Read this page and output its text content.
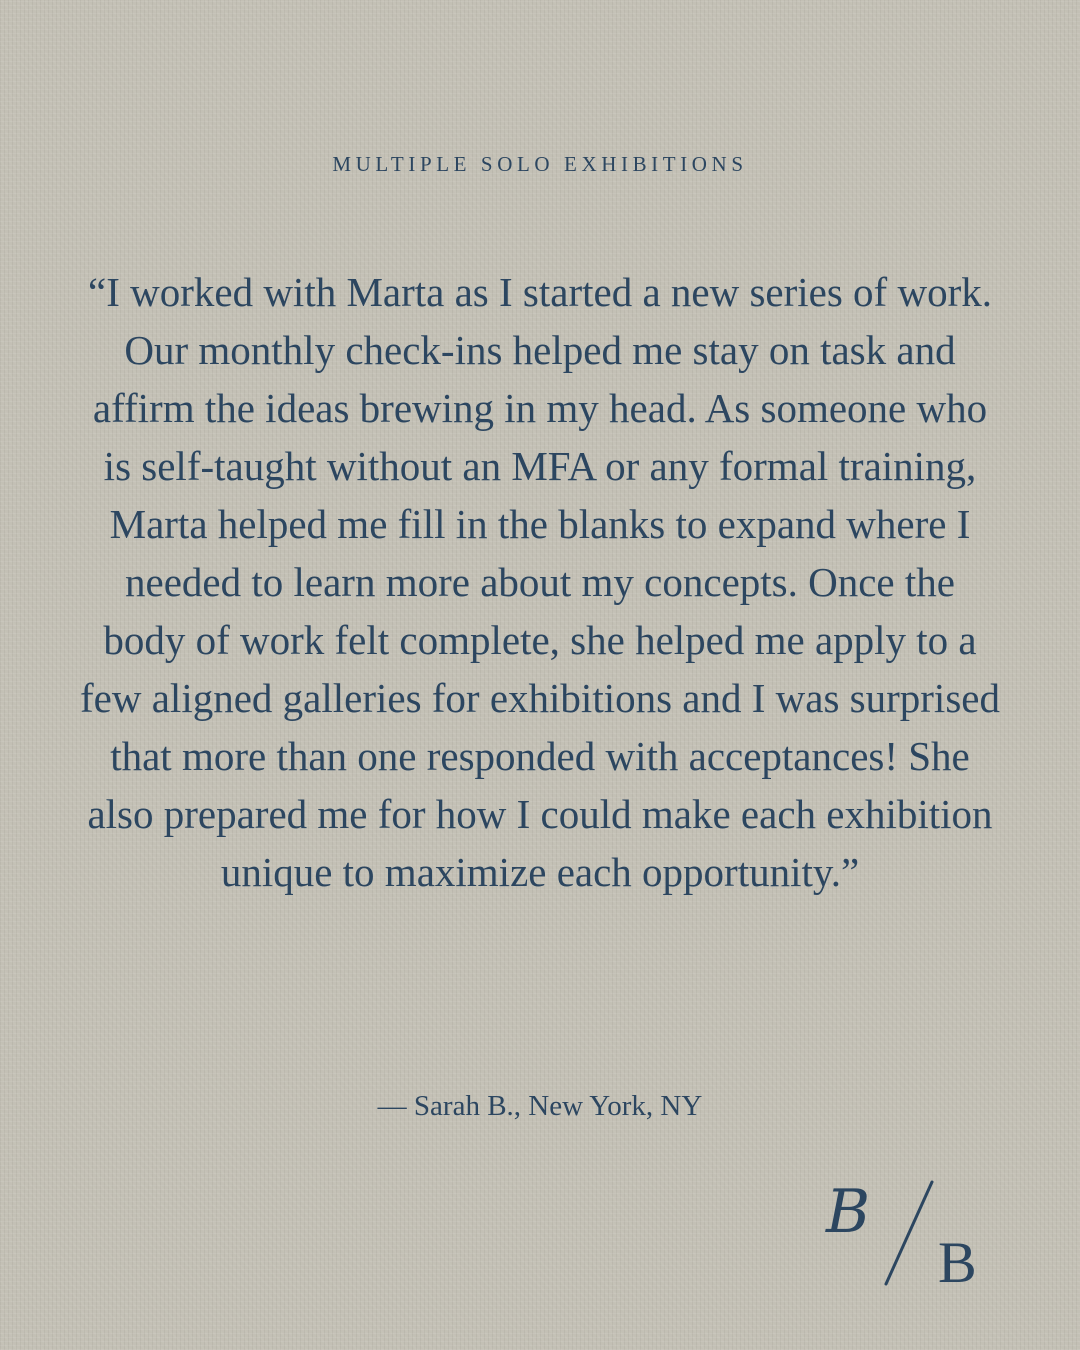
MULTIPLE SOLO EXHIBITIONS
“I worked with Marta as I started a new series of work. Our monthly check-ins helped me stay on task and affirm the ideas brewing in my head. As someone who is self-taught without an MFA or any formal training, Marta helped me fill in the blanks to expand where I needed to learn more about my concepts. Once the body of work felt complete, she helped me apply to a few aligned galleries for exhibitions and I was surprised that more than one responded with acceptances! She also prepared me for how I could make each exhibition unique to maximize each opportunity.”
— Sarah B., New York, NY
B
B
